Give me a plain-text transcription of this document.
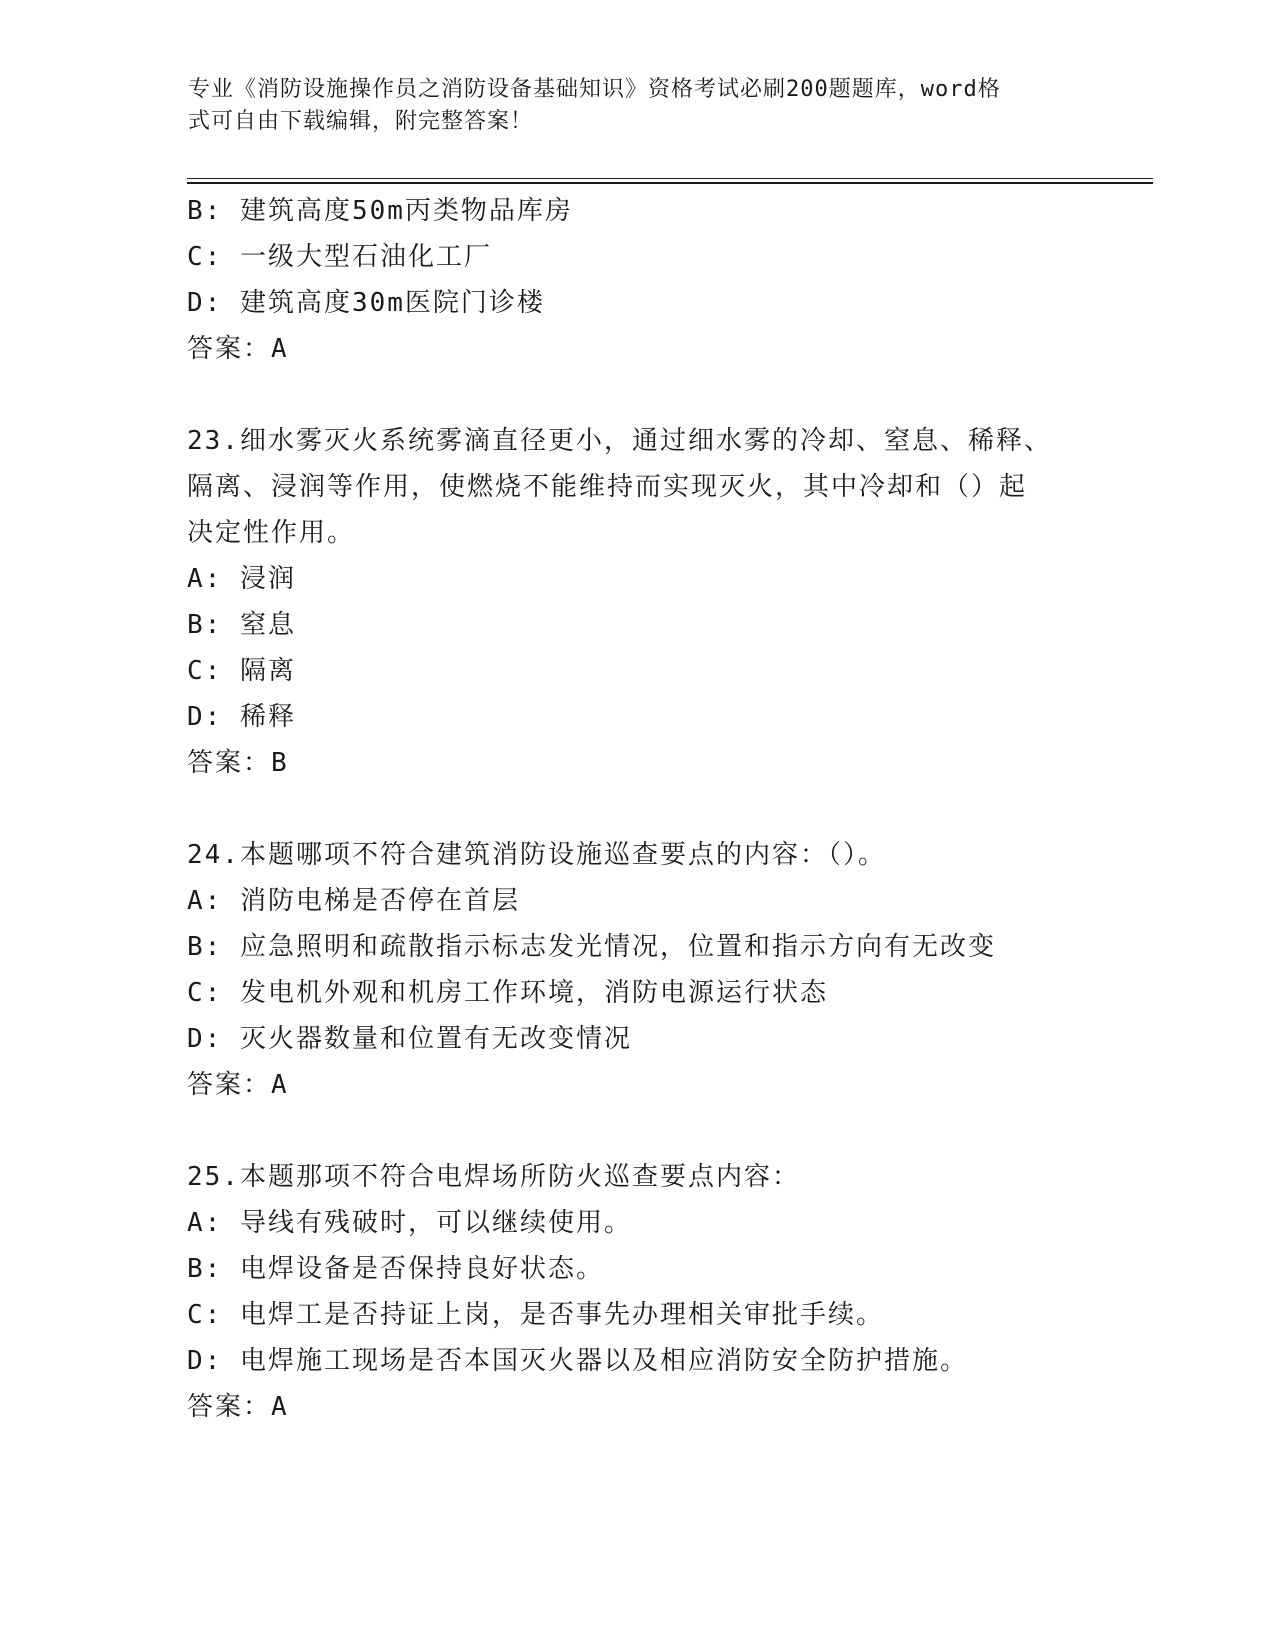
专业《消防设施操作员之消防设备基础知识》资格考试必刷200题题库，word格
式可自由下载编辑，附完整答案！
B: 建筑高度50m丙类物品库房
C: 一级大型石油化工厂
D: 建筑高度30m医院门诊楼
答案：A
23.细水雾灭火系统雾滴直径更小，通过细水雾的冷却、窒息、稀释、
隔离、浸润等作用，使燃烧不能维持而实现灭火，其中冷却和（）起
决定性作用。
A: 浸润
B: 窒息
C: 隔离
D: 稀释
答案：B
24.本题哪项不符合建筑消防设施巡查要点的内容：（）。
A: 消防电梯是否停在首层
B: 应急照明和疏散指示标志发光情况，位置和指示方向有无改变
C: 发电机外观和机房工作环境，消防电源运行状态
D: 灭火器数量和位置有无改变情况
答案：A
25.本题那项不符合电焊场所防火巡查要点内容：
A: 导线有残破时，可以继续使用。
B: 电焊设备是否保持良好状态。
C: 电焊工是否持证上岗，是否事先办理相关审批手续。
D: 电焊施工现场是否本国灭火器以及相应消防安全防护措施。
答案：A
